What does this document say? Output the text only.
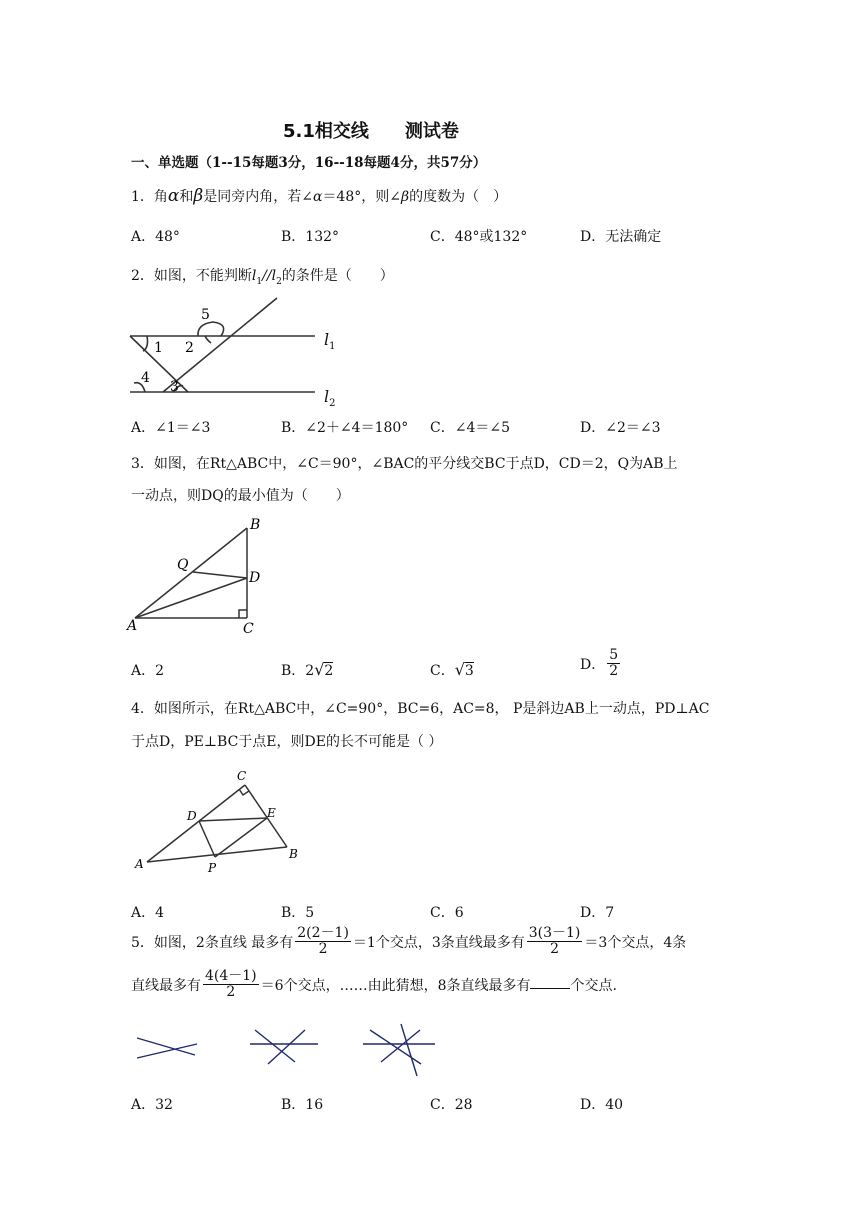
5.1相交线　　测试卷
一、单选题（1--15每题3分，16--18每题4分，共57分）
1．角α和β是同旁内角，若∠α＝48°，则∠β的度数为（　）
A．48°	B．132°	C．48°或132°	D．无法确定
2．如图，不能判断$l_1//l_2$的条件是（　　）
1 2
3
4
5
$l_1$
$l_2$
A．∠1＝∠3	B．∠2＋∠4＝180° C．∠4＝∠5	D．∠2＝∠3
3．如图，在Rt△ABC中，∠C＝90°，∠BAC的平分线交BC于点D，CD＝2，Q为AB上
一动点，则DQ的最小值为（　　）
B
D
C
A
Q
A．2	B．2√2	C．√3	D． $\frac{5}{2}$
4．如图所示，在Rt△ABC中，∠C=90°，BC=6，AC=8， P是斜边AB上一动点，PD⊥AC
于点D，PE⊥BC于点E，则DE的长不可能是（ ）
C
D	E
A
B
P
A．4	B．5	C．6	D．7
5．如图，2条直线 最多有 $\frac{2(2-1)}{2} =1$个交点，3条直线最多有 $\frac{3(3-1)}{2} =3$个交点，4条
直线最多有 $\frac{4(4-1)}{2} =6$个交点，……由此猜想，8条直线最多有	个交点.
A．32	B．16	C．28	D．40
